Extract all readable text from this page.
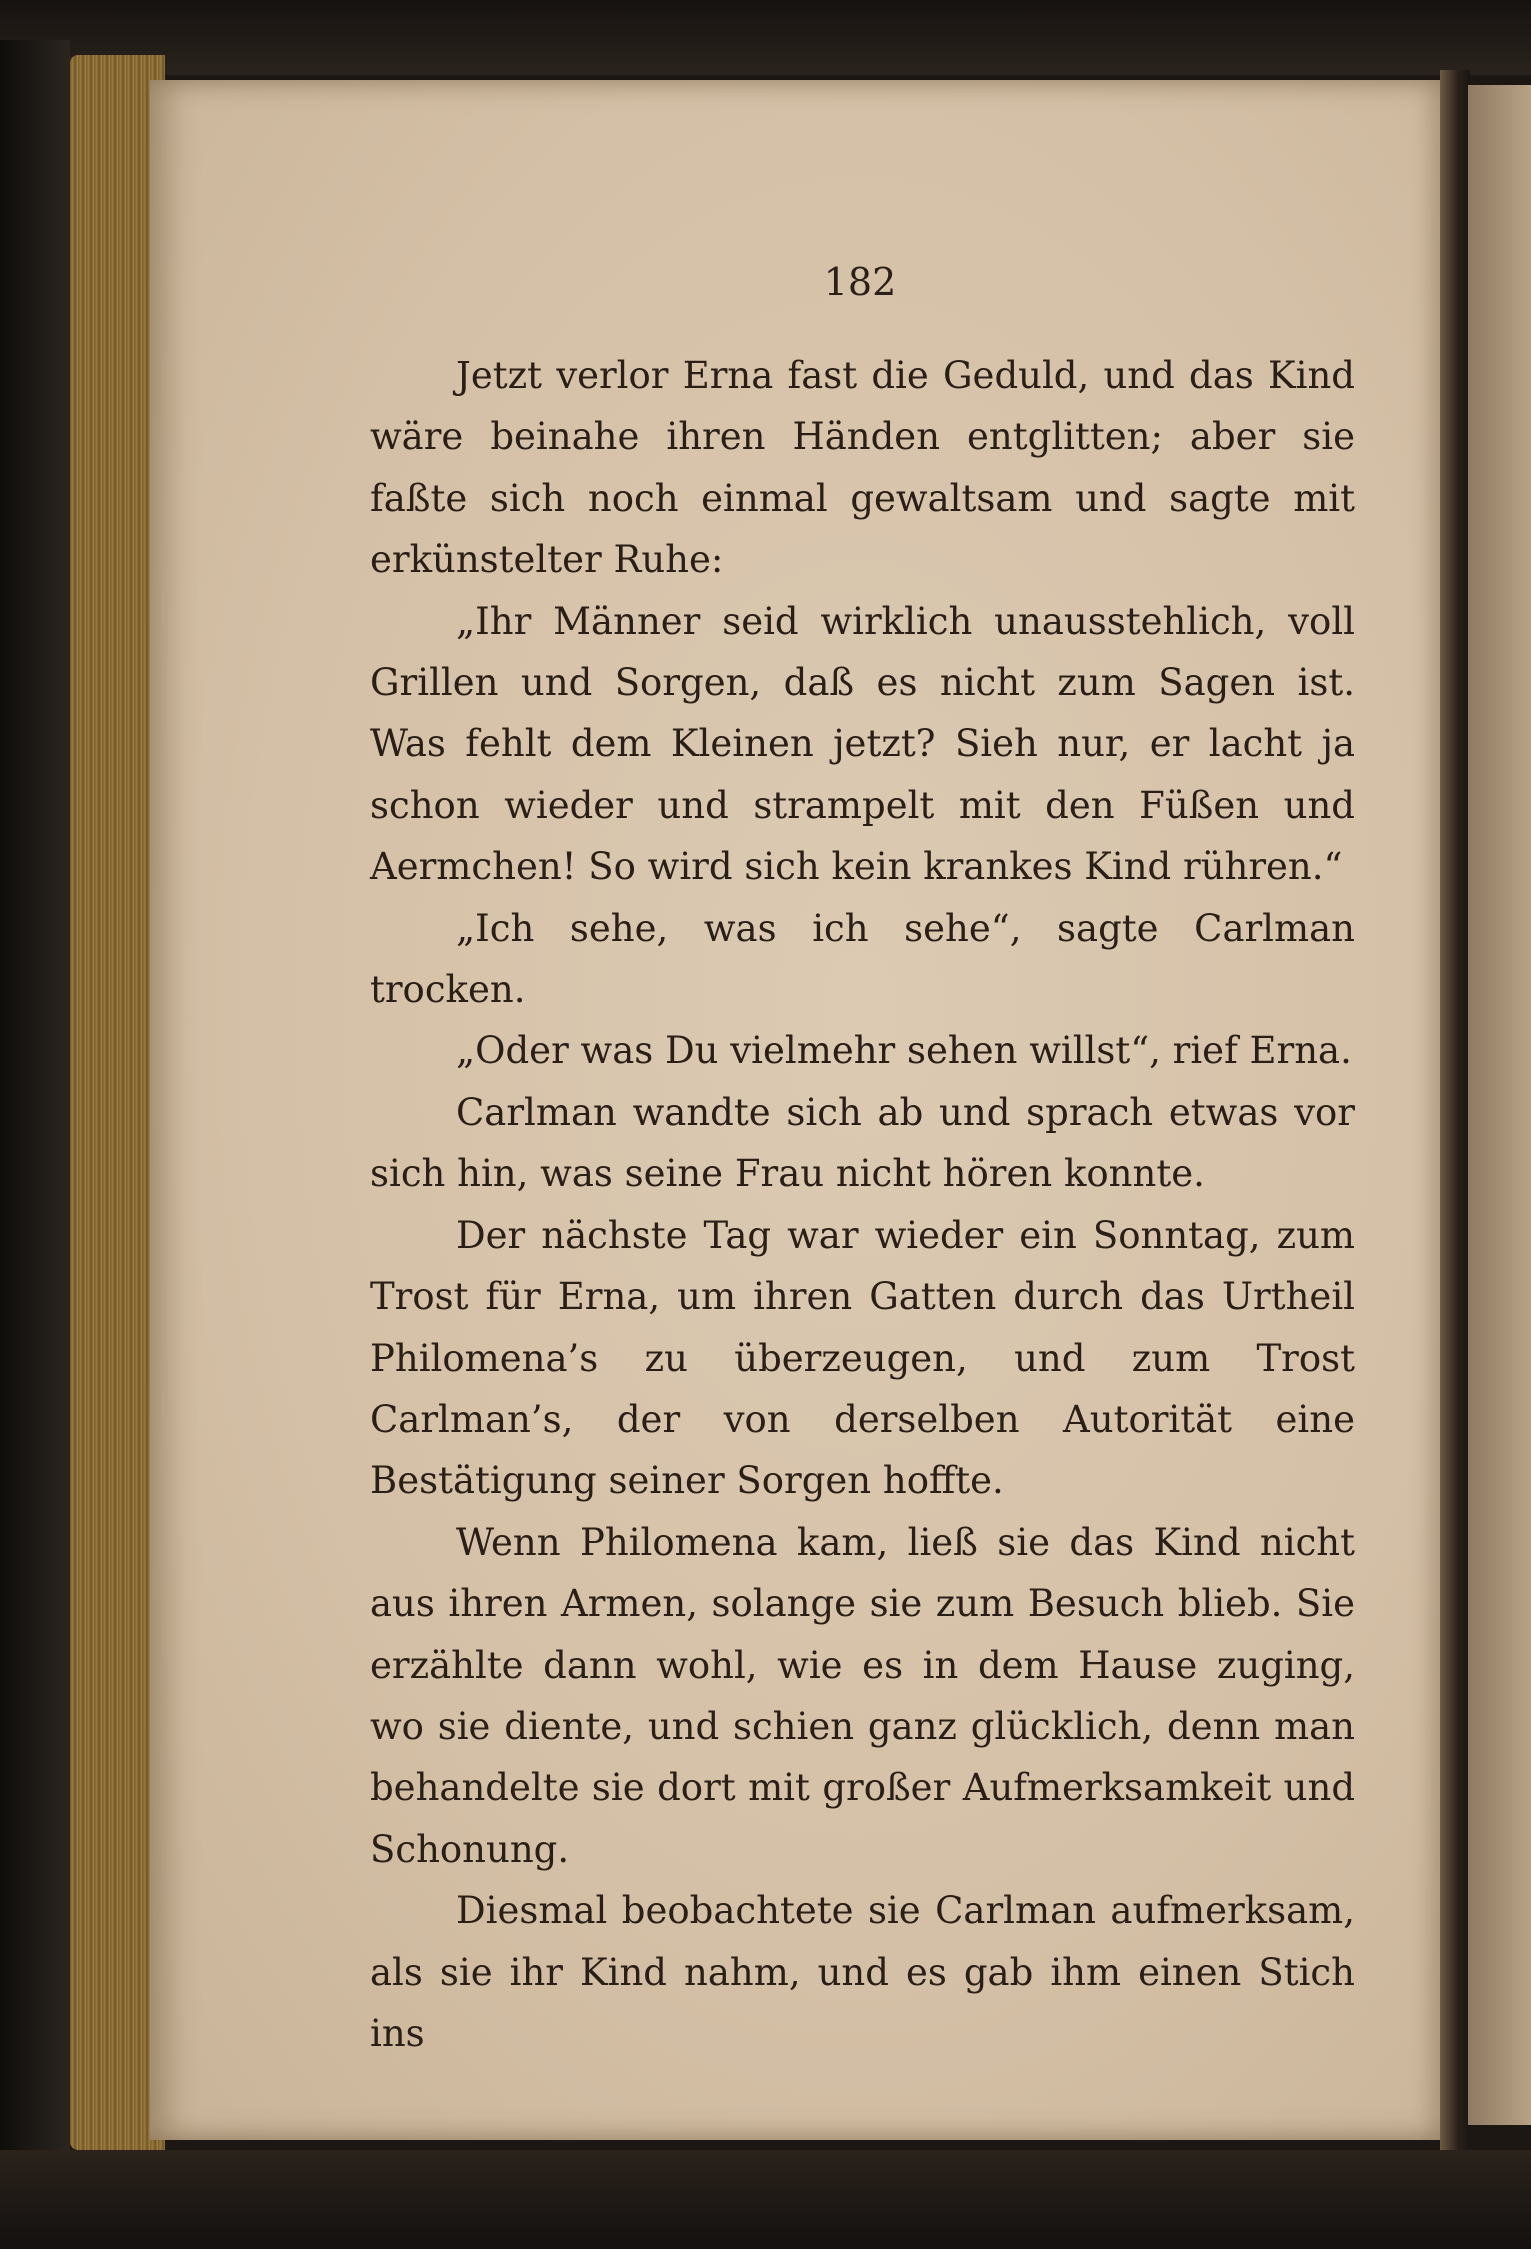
182

Jetzt verlor Erna fast die Geduld, und das Kind wäre beinahe ihren Händen entglitten; aber sie faßte sich noch einmal gewaltsam und sagte mit erkünstelter Ruhe:

„Ihr Männer seid wirklich unausstehlich, voll Grillen und Sorgen, daß es nicht zum Sagen ist. Was fehlt dem Kleinen jetzt? Sieh nur, er lacht ja schon wieder und strampelt mit den Füßen und Aermchen! So wird sich kein krankes Kind rühren.“

„Ich sehe, was ich sehe“, sagte Carlman trocken.

„Oder was Du vielmehr sehen willst“, rief Erna.

Carlman wandte sich ab und sprach etwas vor sich hin, was seine Frau nicht hören konnte.

Der nächste Tag war wieder ein Sonntag, zum Trost für Erna, um ihren Gatten durch das Urtheil Philomena’s zu überzeugen, und zum Trost Carlman’s, der von derselben Autorität eine Bestätigung seiner Sorgen hoffte.

Wenn Philomena kam, ließ sie das Kind nicht aus ihren Armen, solange sie zum Besuch blieb. Sie erzählte dann wohl, wie es in dem Hause zuging, wo sie diente, und schien ganz glücklich, denn man behandelte sie dort mit großer Aufmerksamkeit und Schonung.

Diesmal beobachtete sie Carlman aufmerksam, als sie ihr Kind nahm, und es gab ihm einen Stich ins
